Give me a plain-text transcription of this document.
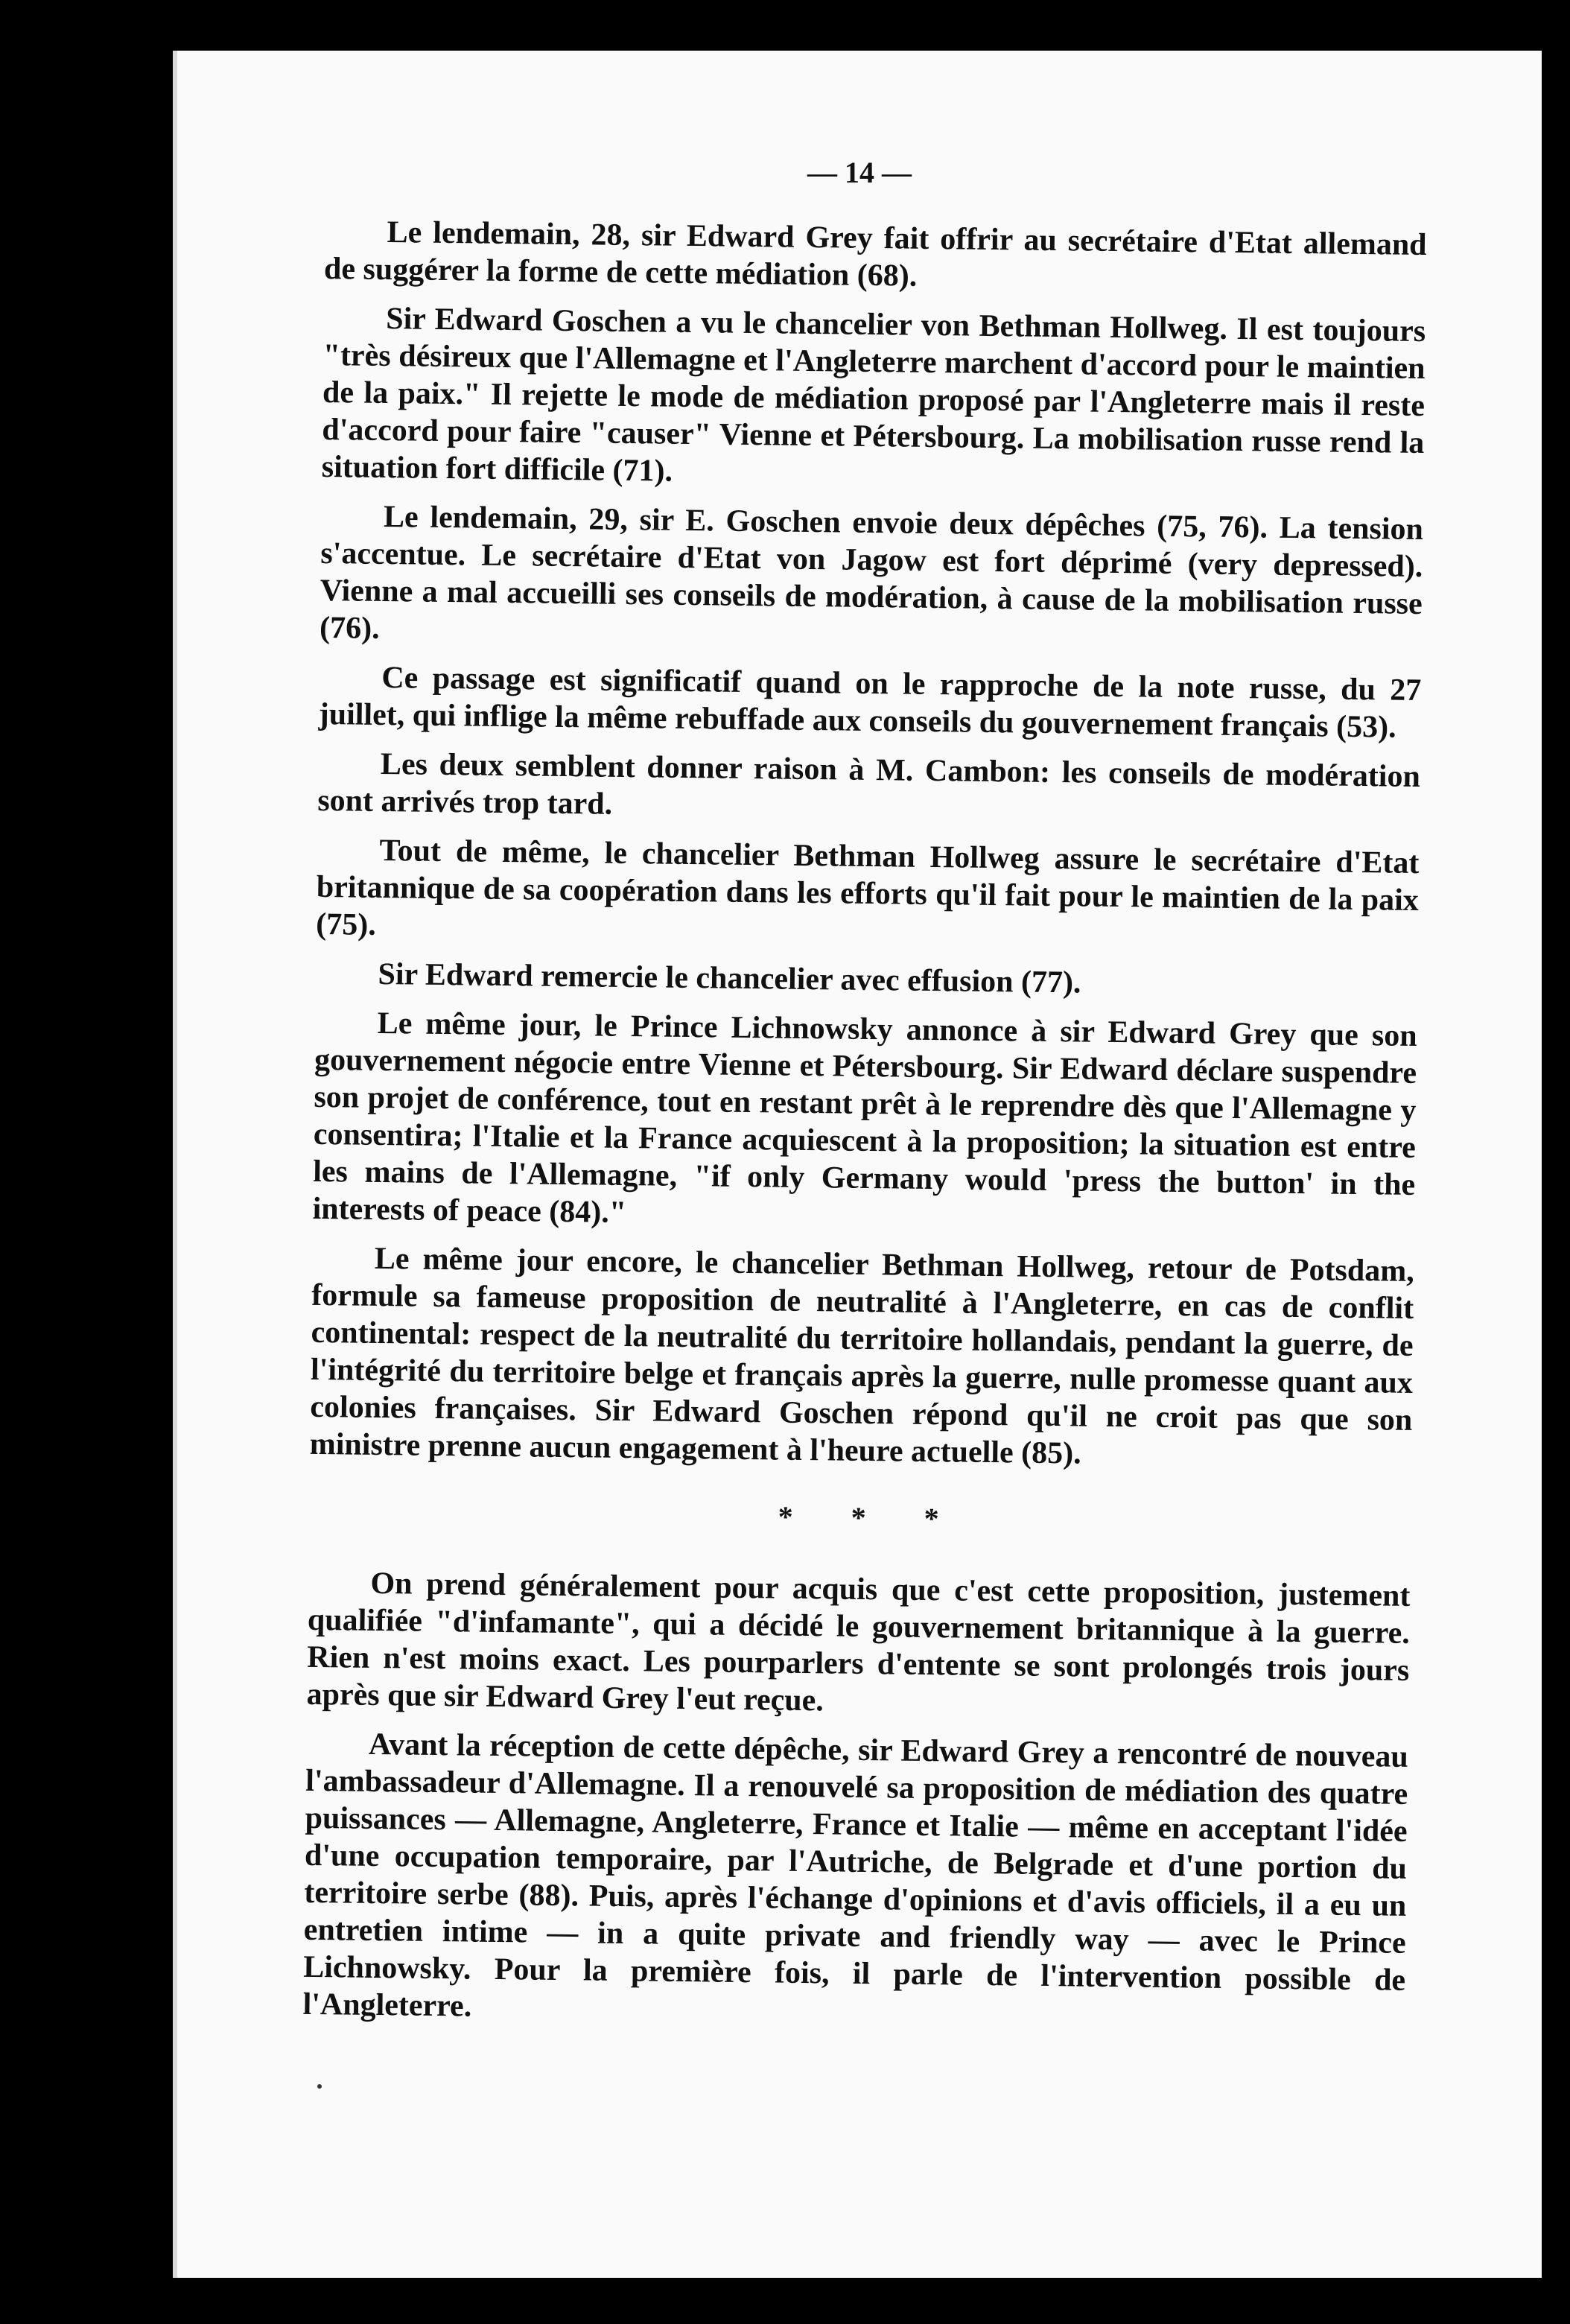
— 14 —

Le lendemain, 28, sir Edward Grey fait offrir au secrétaire d'Etat allemand de suggérer la forme de cette médiation (68).

Sir Edward Goschen a vu le chancelier von Bethman Hollweg. Il est toujours "très désireux que l'Allemagne et l'Angleterre marchent d'accord pour le maintien de la paix." Il rejette le mode de médiation proposé par l'Angleterre mais il reste d'accord pour faire "causer" Vienne et Pétersbourg. La mobilisation russe rend la situation fort difficile (71).

Le lendemain, 29, sir E. Goschen envoie deux dépêches (75, 76). La tension s'accentue. Le secrétaire d'Etat von Jagow est fort déprimé (very depressed). Vienne a mal accueilli ses conseils de modération, à cause de la mobilisation russe (76).

Ce passage est significatif quand on le rapproche de la note russe, du 27 juillet, qui inflige la même rebuffade aux conseils du gouvernement français (53).

Les deux semblent donner raison à M. Cambon: les conseils de modération sont arrivés trop tard.

Tout de même, le chancelier Bethman Hollweg assure le secrétaire d'Etat britannique de sa coopération dans les efforts qu'il fait pour le maintien de la paix (75).

Sir Edward remercie le chancelier avec effusion (77).

Le même jour, le Prince Lichnowsky annonce à sir Edward Grey que son gouvernement négocie entre Vienne et Pétersbourg. Sir Edward déclare suspendre son projet de conférence, tout en restant prêt à le reprendre dès que l'Allemagne y consentira; l'Italie et la France acquiescent à la proposition; la situation est entre les mains de l'Allemagne, "if only Germany would 'press the button' in the interests of peace (84)."

Le même jour encore, le chancelier Bethman Hollweg, retour de Potsdam, formule sa fameuse proposition de neutralité à l'Angleterre, en cas de conflit continental: respect de la neutralité du territoire hollandais, pendant la guerre, de l'intégrité du territoire belge et français après la guerre, nulle promesse quant aux colonies françaises. Sir Edward Goschen répond qu'il ne croit pas que son ministre prenne aucun engagement à l'heure actuelle (85).

* * *

On prend généralement pour acquis que c'est cette proposition, justement qualifiée "d'infamante", qui a décidé le gouvernement britannique à la guerre. Rien n'est moins exact. Les pourparlers d'entente se sont prolongés trois jours après que sir Edward Grey l'eut reçue.

Avant la réception de cette dépêche, sir Edward Grey a rencontré de nouveau l'ambassadeur d'Allemagne. Il a renouvelé sa proposition de médiation des quatre puissances — Allemagne, Angleterre, France et Italie — même en acceptant l'idée d'une occupation temporaire, par l'Autriche, de Belgrade et d'une portion du territoire serbe (88). Puis, après l'échange d'opinions et d'avis officiels, il a eu un entretien intime — in a quite private and friendly way — avec le Prince Lichnowsky. Pour la première fois, il parle de l'intervention possible de l'Angleterre.
